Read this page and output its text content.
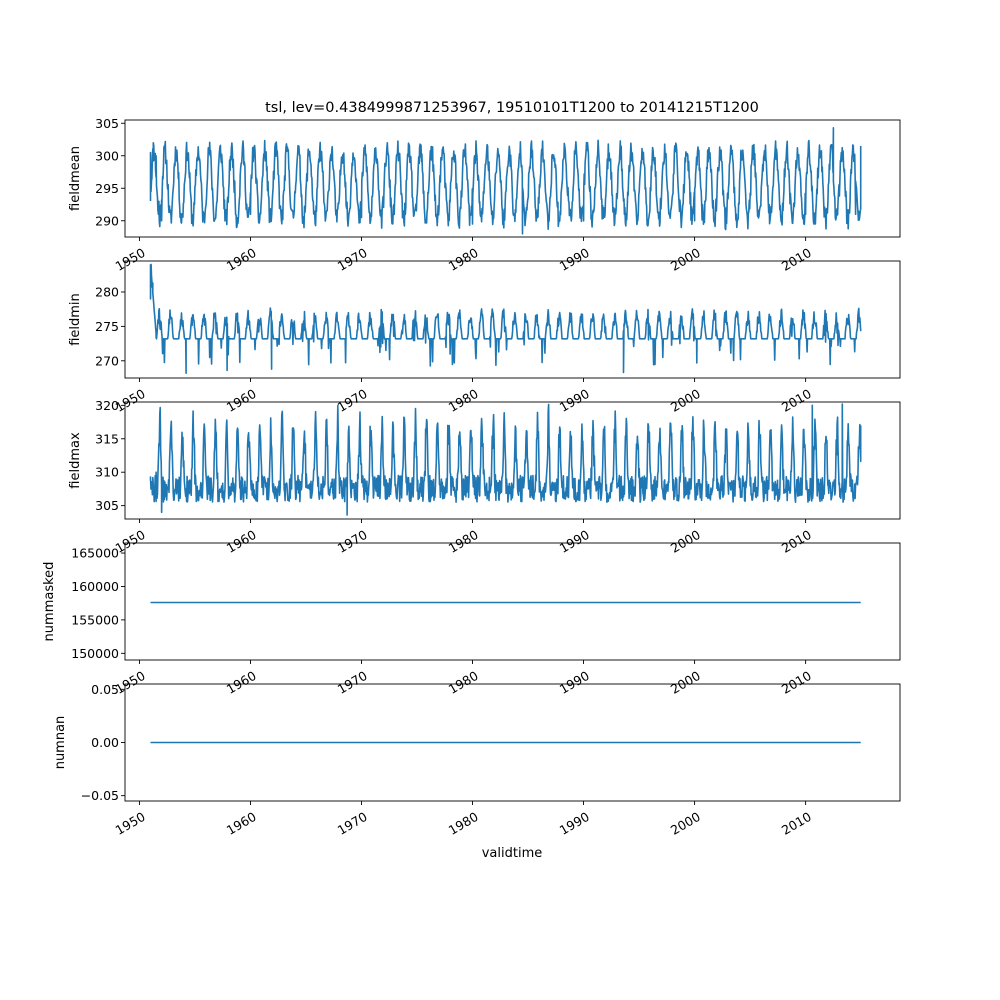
tsl, lev=0.4384999871253967, 19510101T1200 to 20141215T1200
290
295
300
305
1950	1960	1970	1980	1990	2000	2010
fieldmean
270
275
280
1950	1960	1970	1980	1990	2000	2010
fieldmin
305
310
315
320
1950	1960	1970	1980	1990	2000	2010
fieldmax
150000
155000
160000
165000
1950	1960	1970	1980	1990	2000	2010
nummasked
−0.05
0.00
0.05
1950	1960	1970	1980	1990	2000	2010
numnan
validtime
